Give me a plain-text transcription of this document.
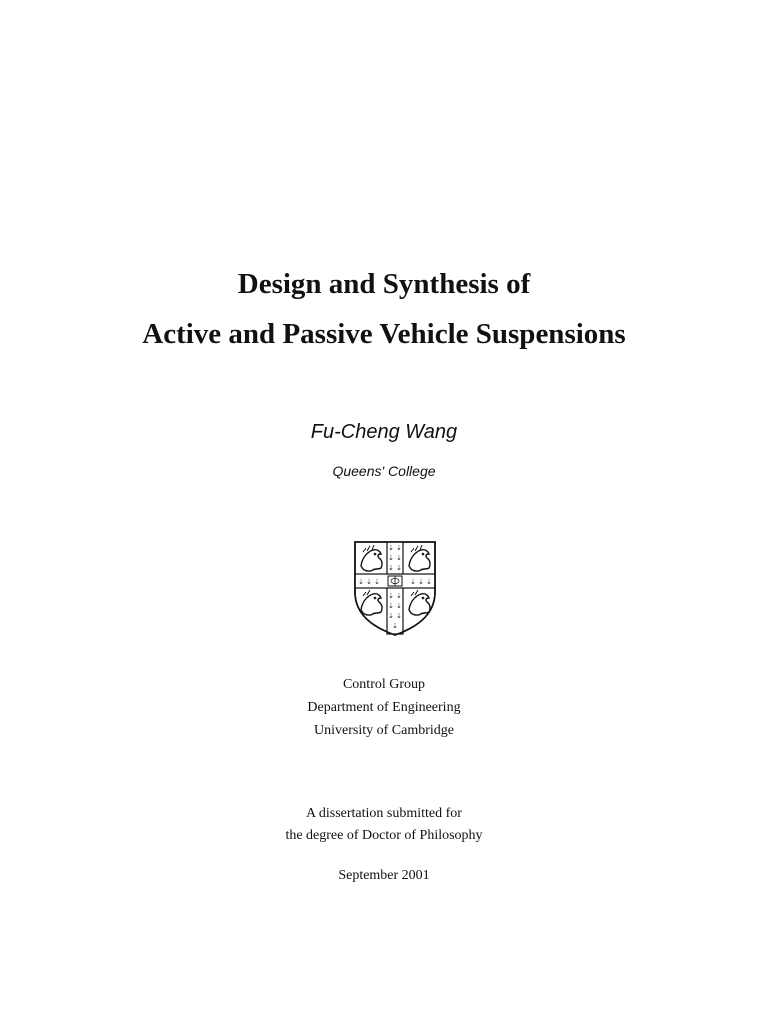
Design and Synthesis of
Active and Passive Vehicle Suspensions
Fu-Cheng Wang
Queens' College
⇣ ⇣
⇣ ⇣
⇣ ⇣
⇣ ⇣
⇣ ⇣
⇣ ⇣
⇣
⇣ ⇣ ⇣	⇣ ⇣ ⇣
Control Group
Department of Engineering
University of Cambridge
A dissertation submitted for
the degree of Doctor of Philosophy
September 2001
